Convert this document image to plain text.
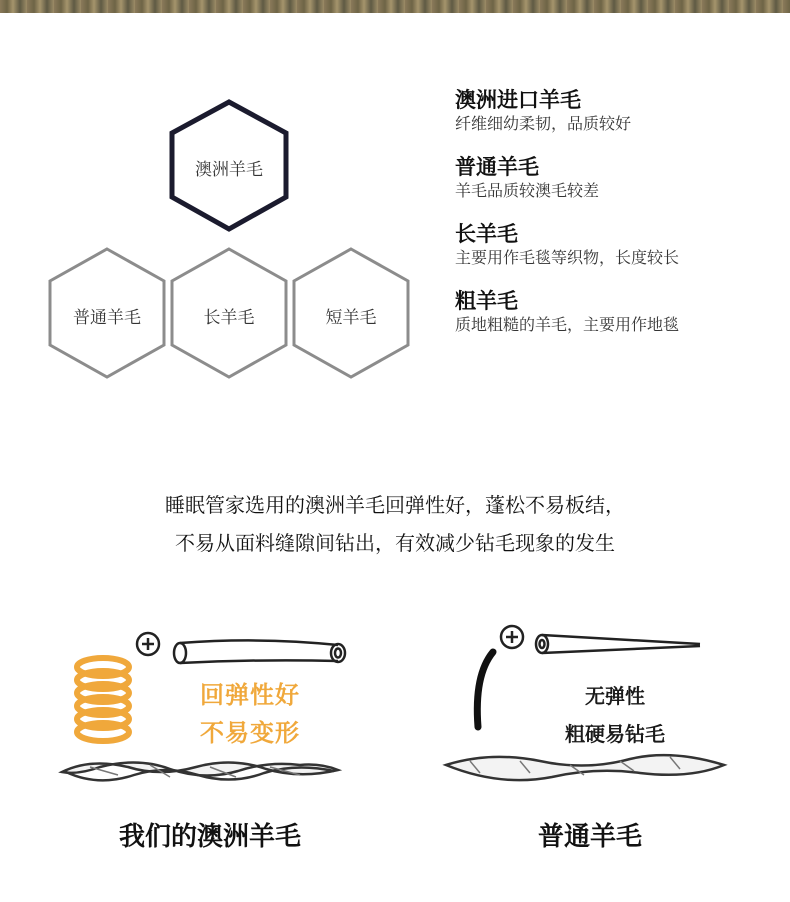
澳洲羊毛
普通羊毛	长羊毛	短羊毛
澳洲进口羊毛
纤维细幼柔韧，品质较好
普通羊毛
羊毛品质较澳毛较差
长羊毛
主要用作毛毯等织物，长度较长
粗羊毛
质地粗糙的羊毛，主要用作地毯
睡眠管家选用的澳洲羊毛回弹性好，蓬松不易板结，
不易从面料缝隙间钻出，有效减少钻毛现象的发生
回弹性好
不易变形
无弹性
粗硬易钻毛
我们的澳洲羊毛	普通羊毛
